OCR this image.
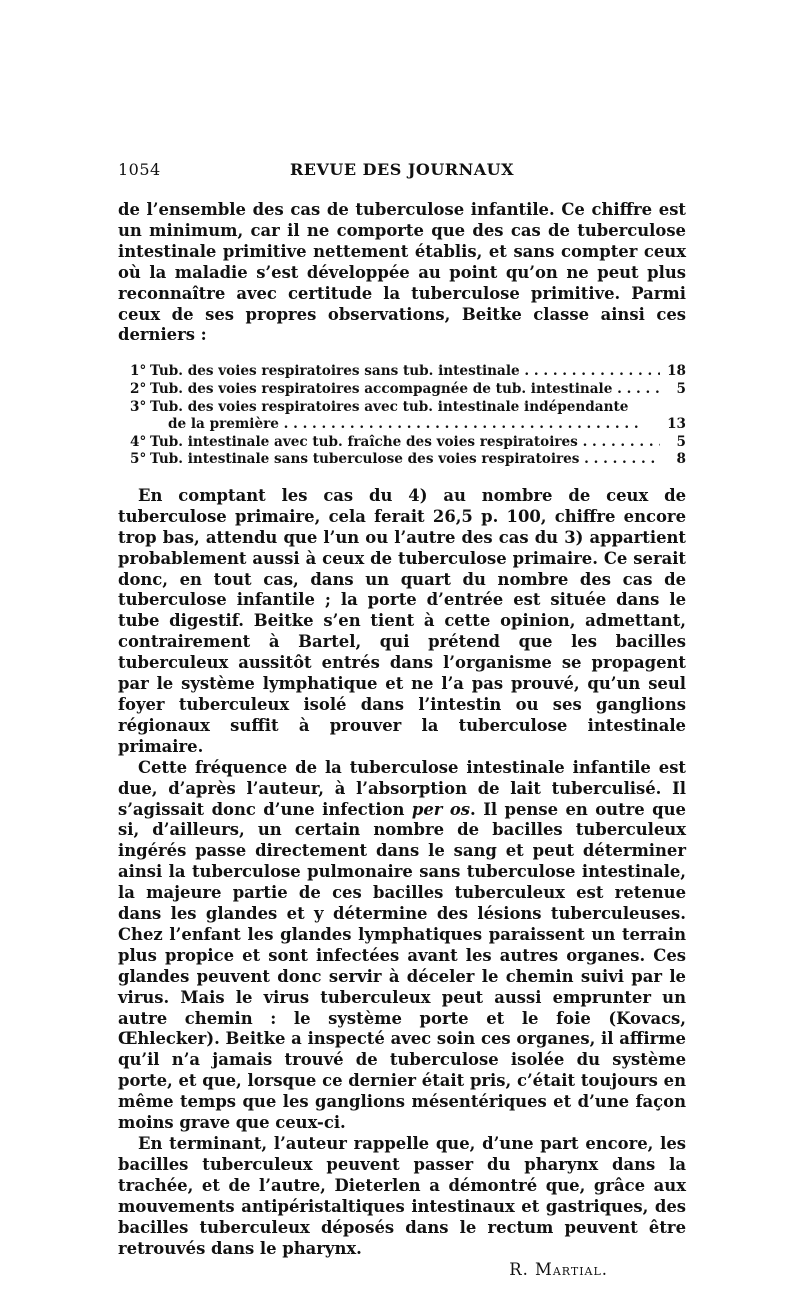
1054	REVUE DES JOURNAUX

de l’ensemble des cas de tuberculose infantile. Ce chiffre est un minimum, car il ne comporte que des cas de tuberculose intestinale primitive nettement établis, et sans compter ceux où la maladie s’est développée au point qu’on ne peut plus reconnaître avec certitude la tuberculose primitive. Parmi ceux de ses propres observations, Beitke classe ainsi ces derniers :

1° Tub. des voies respiratoires sans tub. intestinale . . .	18
2° Tub. des voies respiratoires accompagnée de tub. intestinale . . .	5
3° Tub. des voies respiratoires avec tub. intestinale indépendante
de la première . . .	13
4° Tub. intestinale avec tub. fraîche des voies respiratoires . . .	5
5° Tub. intestinale sans tuberculose des voies respiratoires . . .	8

En comptant les cas du 4) au nombre de ceux de tuberculose primaire, cela ferait 26,5 p. 100, chiffre encore trop bas, attendu que l’un ou l’autre des cas du 3) appartient probablement aussi à ceux de tuberculose primaire. Ce serait donc, en tout cas, dans un quart du nombre des cas de tuberculose infantile ; la porte d’entrée est située dans le tube digestif. Beitke s’en tient à cette opinion, admettant, contrairement à Bartel, qui prétend que les bacilles tuberculeux aussitôt entrés dans l’organisme se propagent par le système lymphatique et ne l’a pas prouvé, qu’un seul foyer tuberculeux isolé dans l’intestin ou ses ganglions régionaux suffit à prouver la tuberculose intestinale primaire.

Cette fréquence de la tuberculose intestinale infantile est due, d’après l’auteur, à l’absorption de lait tuberculisé. Il s’agissait donc d’une infection per os. Il pense en outre que si, d’ailleurs, un certain nombre de bacilles tuberculeux ingérés passe directement dans le sang et peut déterminer ainsi la tuberculose pulmonaire sans tuberculose intestinale, la majeure partie de ces bacilles tuberculeux est retenue dans les glandes et y détermine des lésions tuberculeuses. Chez l’enfant les glandes lymphatiques paraissent un terrain plus propice et sont infectées avant les autres organes. Ces glandes peuvent donc servir à déceler le chemin suivi par le virus. Mais le virus tuberculeux peut aussi emprunter un autre chemin : le système porte et le foie (Kovacs, Œhlecker). Beitke a inspecté avec soin ces organes, il affirme qu’il n’a jamais trouvé de tuberculose isolée du système porte, et que, lorsque ce dernier était pris, c’était toujours en même temps que les ganglions mésentériques et d’une façon moins grave que ceux-ci.

En terminant, l’auteur rappelle que, d’une part encore, les bacilles tuberculeux peuvent passer du pharynx dans la trachée, et de l’autre, Dieterlen a démontré que, grâce aux mouvements antipéristaltiques intestinaux et gastriques, des bacilles tuberculeux déposés dans le rectum peuvent être retrouvés dans le pharynx.

R. Martial.
